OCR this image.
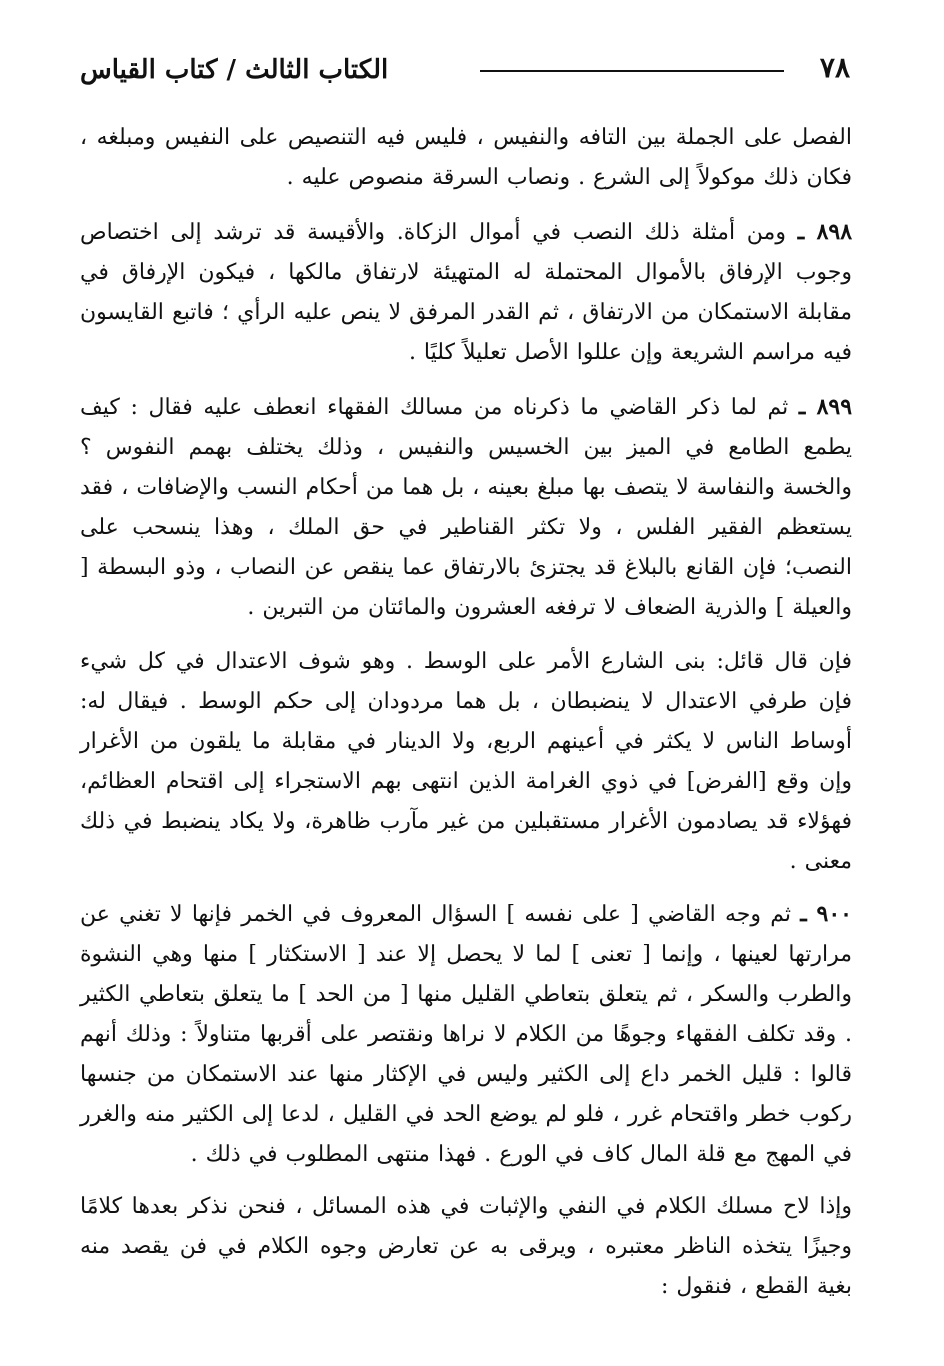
٧٨
الكتاب الثالث / كتاب القياس

الفصل على الجملة بين التافه والنفيس ، فليس فيه التنصيص على النفيس ومبلغه ، فكان ذلك موكولاً إلى الشرع . ونصاب السرقة منصوص عليه .

٨٩٨ ـ ومن أمثلة ذلك النصب في أموال الزكاة. والأقيسة قد ترشد إلى اختصاص وجوب الإرفاق بالأموال المحتملة له المتهيئة لارتفاق مالكها ، فيكون الإرفاق في مقابلة الاستمكان من الارتفاق ، ثم القدر المرفق لا ينص عليه الرأي ؛ فاتبع القايسون فيه مراسم الشريعة وإن عللوا الأصل تعليلاً كليًا .

٨٩٩ ـ ثم لما ذكر القاضي ما ذكرناه من مسالك الفقهاء انعطف عليه فقال : كيف يطمع الطامع في الميز بين الخسيس والنفيس ، وذلك يختلف بهمم النفوس ؟ والخسة والنفاسة لا يتصف بها مبلغ بعينه ، بل هما من أحكام النسب والإضافات ، فقد يستعظم الفقير الفلس ، ولا تكثر القناطير في حق الملك ، وهذا ينسحب على النصب؛ فإن القانع بالبلاغ قد يجتزئ بالارتفاق عما ينقص عن النصاب ، وذو البسطة [ والعيلة ] والذرية الضعاف لا ترفغه العشرون والمائتان من التبرين .

فإن قال قائل: بنى الشارع الأمر على الوسط . وهو شوف الاعتدال في كل شيء فإن طرفي الاعتدال لا ينضبطان ، بل هما مردودان إلى حكم الوسط . فيقال له: أوساط الناس لا يكثر في أعينهم الربع، ولا الدينار في مقابلة ما يلقون من الأغرار وإن وقع [الفرض] في ذوي الغرامة الذين انتهى بهم الاستجراء إلى اقتحام العظائم، فهؤلاء قد يصادمون الأغرار مستقبلين من غير مآرب ظاهرة، ولا يكاد ينضبط في ذلك معنى .

٩٠٠ ـ ثم وجه القاضي [ على نفسه ] السؤال المعروف في الخمر فإنها لا تغني عن مرارتها لعينها ، وإنما [ تعنى ] لما لا يحصل إلا عند [ الاستكثار ] منها وهي النشوة والطرب والسكر ، ثم يتعلق بتعاطي القليل منها [ من الحد ] ما يتعلق بتعاطي الكثير . وقد تكلف الفقهاء وجوهًا من الكلام لا نراها ونقتصر على أقربها متناولاً : وذلك أنهم قالوا : قليل الخمر داع إلى الكثير وليس في الإكثار منها عند الاستمكان من جنسها ركوب خطر واقتحام غرر ، فلو لم يوضع الحد في القليل ، لدعا إلى الكثير منه والغرر في المهج مع قلة المال كاف في الورع . فهذا منتهى المطلوب في ذلك .

وإذا لاح مسلك الكلام في النفي والإثبات في هذه المسائل ، فنحن نذكر بعدها كلامًا وجيزًا يتخذه الناظر معتبره ، ويرقى به عن تعارض وجوه الكلام في فن يقصد منه بغية القطع ، فنقول :
